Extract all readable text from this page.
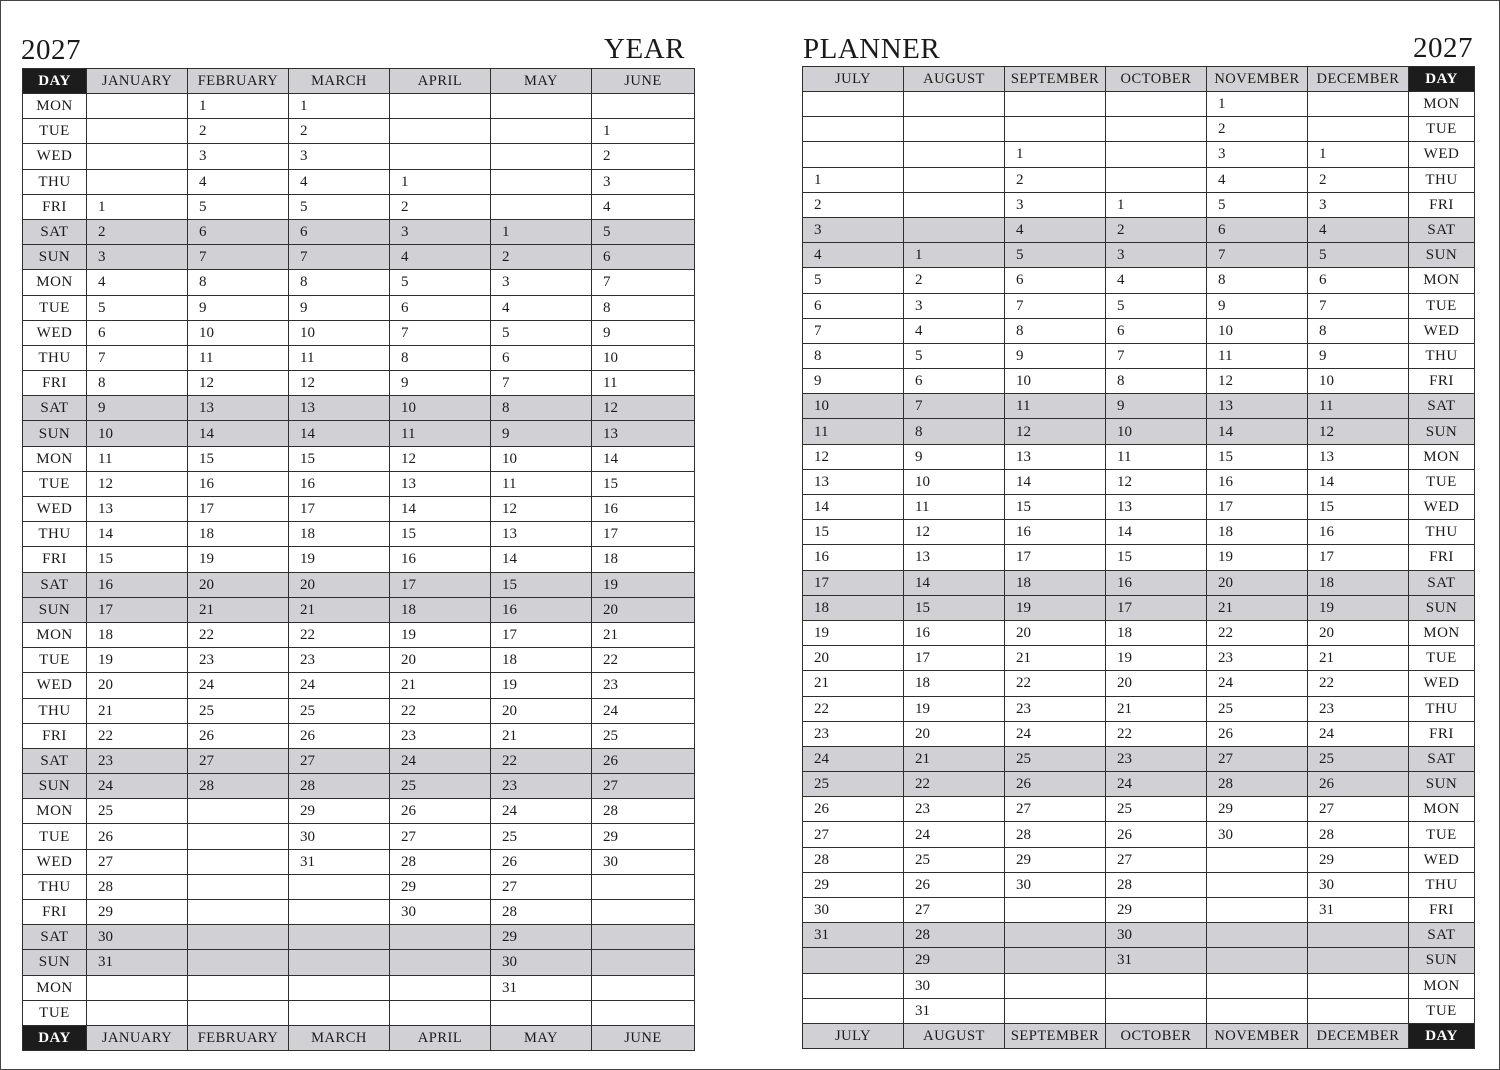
2027	YEAR
DAY	JANUARY	FEBRUARY	MARCH	APRIL	MAY	JUNE
MON		1	1			
TUE		2	2			1
WED		3	3			2
THU		4	4	1		3
FRI	1	5	5	2		4
SAT	2	6	6	3	1	5
SUN	3	7	7	4	2	6
MON	4	8	8	5	3	7
TUE	5	9	9	6	4	8
WED	6	10	10	7	5	9
THU	7	11	11	8	6	10
FRI	8	12	12	9	7	11
SAT	9	13	13	10	8	12
SUN	10	14	14	11	9	13
MON	11	15	15	12	10	14
TUE	12	16	16	13	11	15
WED	13	17	17	14	12	16
THU	14	18	18	15	13	17
FRI	15	19	19	16	14	18
SAT	16	20	20	17	15	19
SUN	17	21	21	18	16	20
MON	18	22	22	19	17	21
TUE	19	23	23	20	18	22
WED	20	24	24	21	19	23
THU	21	25	25	22	20	24
FRI	22	26	26	23	21	25
SAT	23	27	27	24	22	26
SUN	24	28	28	25	23	27
MON	25		29	26	24	28
TUE	26		30	27	25	29
WED	27		31	28	26	30
THU	28			29	27	
FRI	29			30	28	
SAT	30				29	
SUN	31				30	
MON					31	
TUE						
DAY	JANUARY	FEBRUARY	MARCH	APRIL	MAY	JUNE
PLANNER	2027
JULY	AUGUST	SEPTEMBER	OCTOBER	NOVEMBER	DECEMBER	DAY
				1		MON
				2		TUE
		1		3	1	WED
1		2		4	2	THU
2		3	1	5	3	FRI
3		4	2	6	4	SAT
4	1	5	3	7	5	SUN
5	2	6	4	8	6	MON
6	3	7	5	9	7	TUE
7	4	8	6	10	8	WED
8	5	9	7	11	9	THU
9	6	10	8	12	10	FRI
10	7	11	9	13	11	SAT
11	8	12	10	14	12	SUN
12	9	13	11	15	13	MON
13	10	14	12	16	14	TUE
14	11	15	13	17	15	WED
15	12	16	14	18	16	THU
16	13	17	15	19	17	FRI
17	14	18	16	20	18	SAT
18	15	19	17	21	19	SUN
19	16	20	18	22	20	MON
20	17	21	19	23	21	TUE
21	18	22	20	24	22	WED
22	19	23	21	25	23	THU
23	20	24	22	26	24	FRI
24	21	25	23	27	25	SAT
25	22	26	24	28	26	SUN
26	23	27	25	29	27	MON
27	24	28	26	30	28	TUE
28	25	29	27		29	WED
29	26	30	28		30	THU
30	27		29		31	FRI
31	28		30			SAT
	29		31			SUN
	30					MON
	31					TUE
JULY	AUGUST	SEPTEMBER	OCTOBER	NOVEMBER	DECEMBER	DAY
